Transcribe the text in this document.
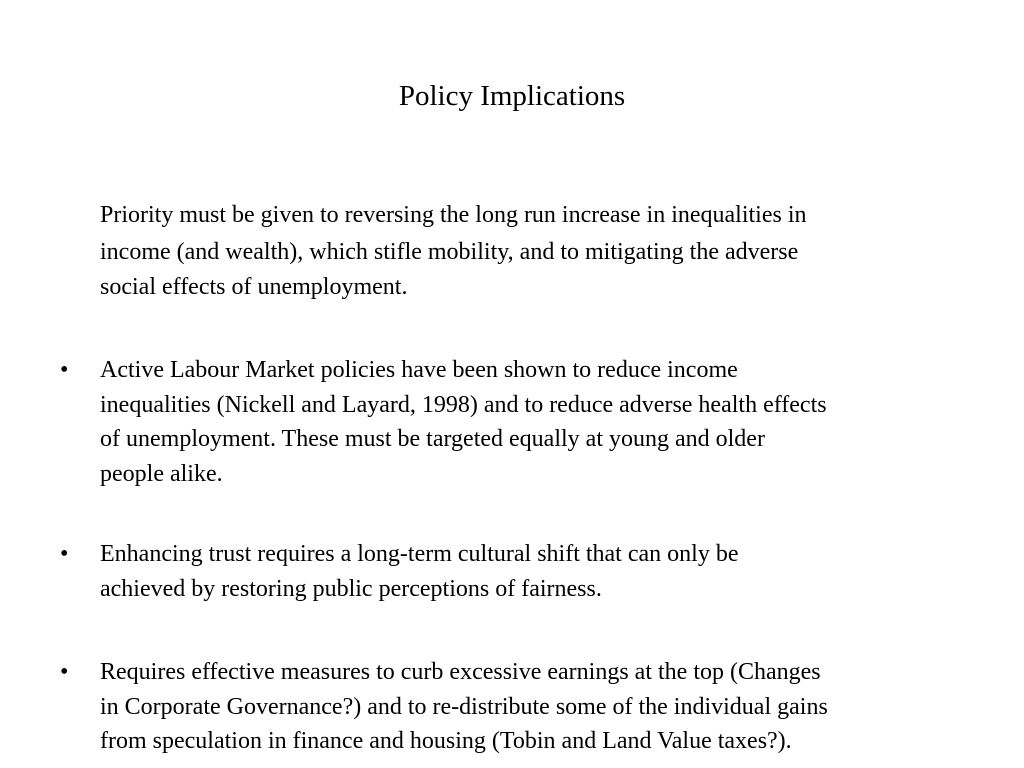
Policy Implications

Priority must be given to reversing the long run increase in inequalities in
income (and wealth), which stifle mobility, and to mitigating the adverse
social effects of unemployment.

•	Active Labour Market policies have been shown to reduce income
inequalities (Nickell and Layard, 1998) and to reduce adverse health effects
of unemployment. These must be targeted equally at young and older
people alike.
•	Enhancing trust requires a long-term cultural shift that can only be
achieved by restoring public perceptions of fairness.
•	Requires effective measures to curb excessive earnings at the top (Changes
in Corporate Governance?) and to re-distribute some of the individual gains
from speculation in finance and housing (Tobin and Land Value taxes?).
